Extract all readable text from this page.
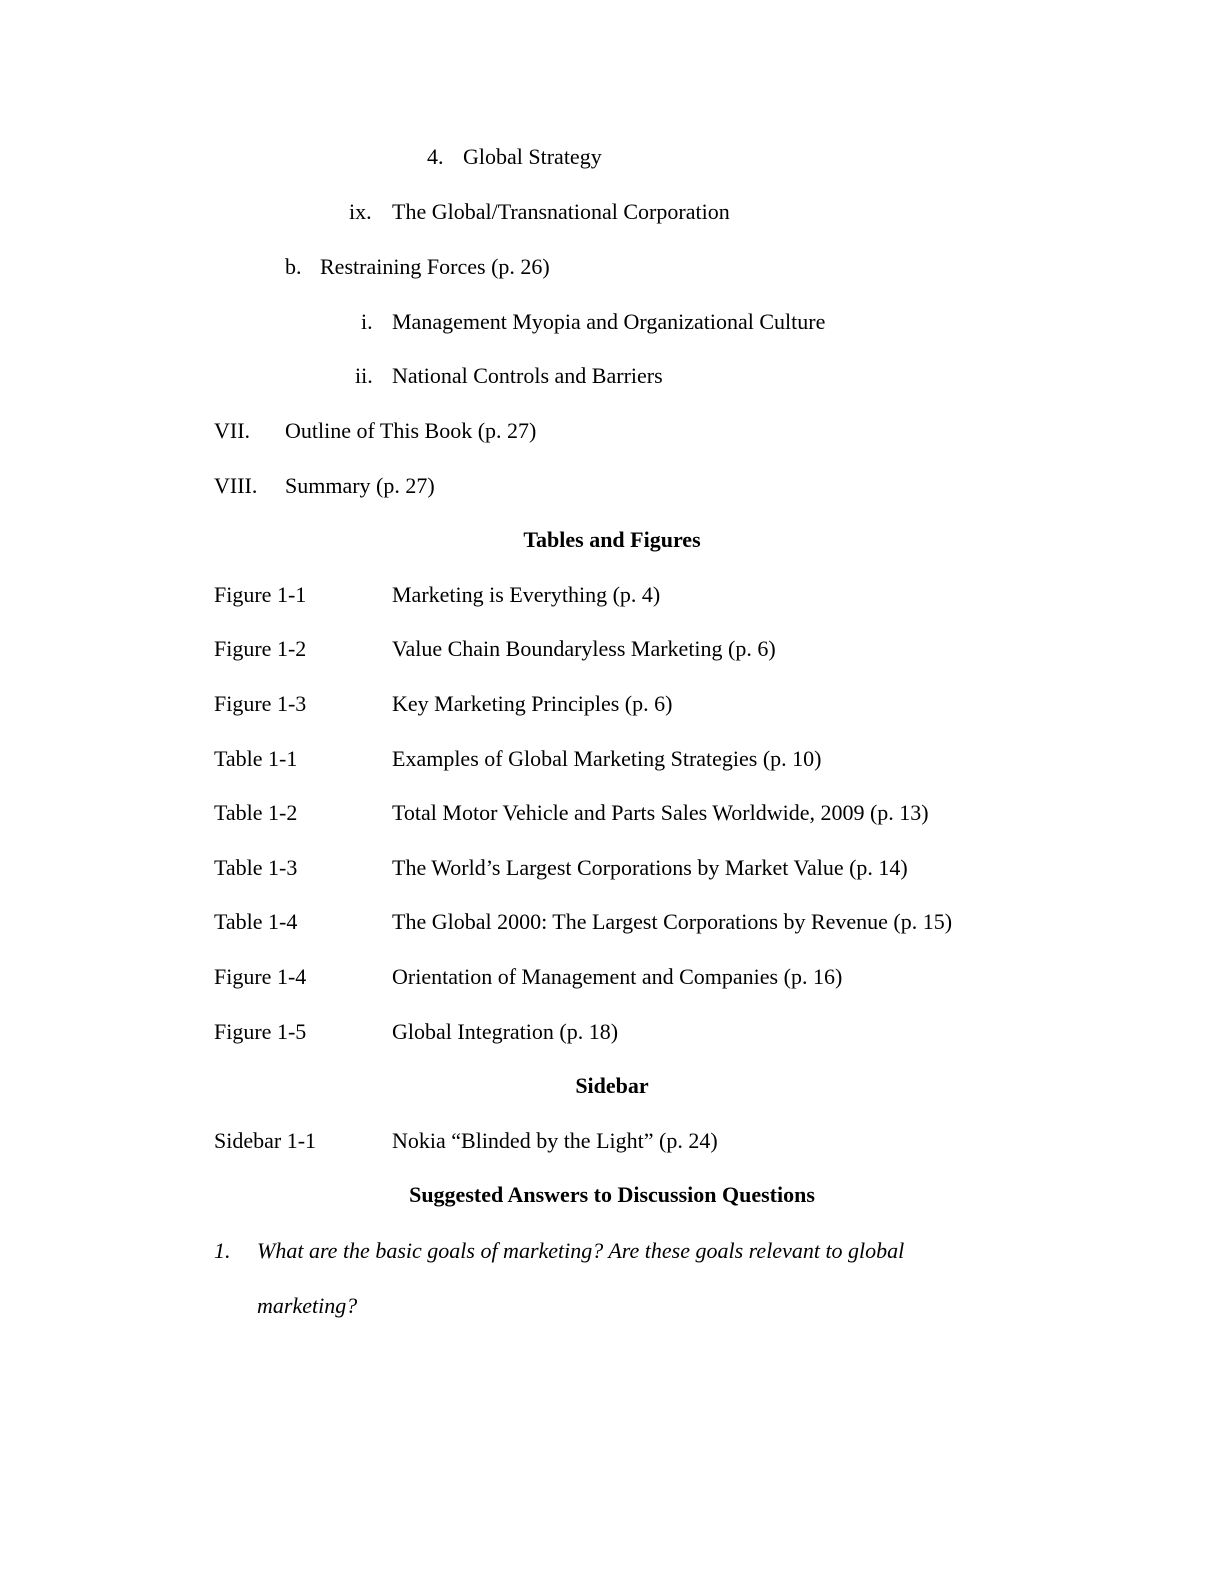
4. Global Strategy
ix. The Global/Transnational Corporation
b. Restraining Forces (p. 26)
i. Management Myopia and Organizational Culture
ii. National Controls and Barriers
VII. Outline of This Book (p. 27)
VIII. Summary (p. 27)
Tables and Figures
Figure 1-1	Marketing is Everything (p. 4)
Figure 1-2	Value Chain Boundaryless Marketing (p. 6)
Figure 1-3	Key Marketing Principles (p. 6)
Table 1-1	Examples of Global Marketing Strategies (p. 10)
Table 1-2	Total Motor Vehicle and Parts Sales Worldwide, 2009 (p. 13)
Table 1-3	The World’s Largest Corporations by Market Value (p. 14)
Table 1-4	The Global 2000: The Largest Corporations by Revenue (p. 15)
Figure 1-4	Orientation of Management and Companies (p. 16)
Figure 1-5	Global Integration (p. 18)
Sidebar
Sidebar 1-1	Nokia “Blinded by the Light” (p. 24)
Suggested Answers to Discussion Questions
1. What are the basic goals of marketing? Are these goals relevant to global
marketing?
